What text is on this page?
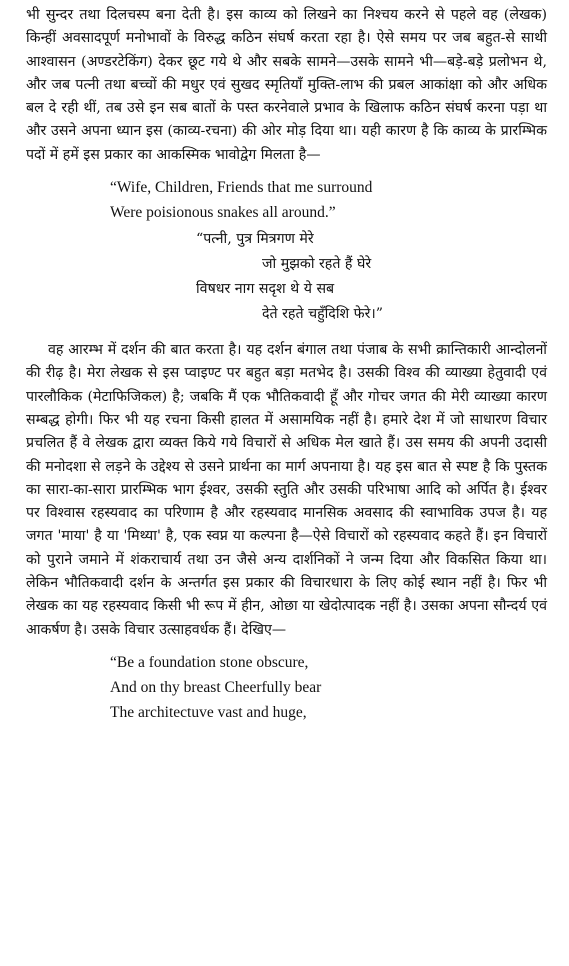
भी सुन्दर तथा दिलचस्प बना देती है। इस काव्य को लिखने का निश्चय करने से पहले वह (लेखक) किन्हीं अवसादपूर्ण मनोभावों के विरुद्ध कठिन संघर्ष करता रहा है। ऐसे समय पर जब बहुत-से साथी आश्वासन (अण्डरटेकिंग) देकर छूट गये थे और सबके सामने—उसके सामने भी—बड़े-बड़े प्रलोभन थे, और जब पत्नी तथा बच्चों की मधुर एवं सुखद स्मृतियाँ मुक्ति-लाभ की प्रबल आकांक्षा को और अधिक बल दे रही थीं, तब उसे इन सब बातों के पस्त करनेवाले प्रभाव के खिलाफ कठिन संघर्ष करना पड़ा था और उसने अपना ध्यान इस (काव्य-रचना) की ओर मोड़ दिया था। यही कारण है कि काव्य के प्रारम्भिक पदों में हमें इस प्रकार का आकस्मिक भावोद्वेग मिलता है—

“Wife, Children, Friends that me surround
Were poisionous snakes all around.”
“पत्नी, पुत्र मित्रगण मेरे
जो मुझको रहते हैं घेरे
विषधर नाग सदृश थे ये सब
देते रहते चहुँदिशि फेरे।”

वह आरम्भ में दर्शन की बात करता है। यह दर्शन बंगाल तथा पंजाब के सभी क्रान्तिकारी आन्दोलनों की रीढ़ है। मेरा लेखक से इस प्वाइण्ट पर बहुत बड़ा मतभेद है। उसकी विश्व की व्याख्या हेतुवादी एवं पारलौकिक (मेटाफिजिकल) है; जबकि मैं एक भौतिकवादी हूँ और गोचर जगत की मेरी व्याख्या कारण सम्बद्ध होगी। फिर भी यह रचना किसी हालत में असामयिक नहीं है। हमारे देश में जो साधारण विचार प्रचलित हैं वे लेखक द्वारा व्यक्त किये गये विचारों से अधिक मेल खाते हैं। उस समय की अपनी उदासी की मनोदशा से लड़ने के उद्देश्य से उसने प्रार्थना का मार्ग अपनाया है। यह इस बात से स्पष्ट है कि पुस्तक का सारा-का-सारा प्रारम्भिक भाग ईश्वर, उसकी स्तुति और उसकी परिभाषा आदि को अर्पित है। ईश्वर पर विश्वास रहस्यवाद का परिणाम है और रहस्यवाद मानसिक अवसाद की स्वाभाविक उपज है। यह जगत 'माया' है या 'मिथ्या' है, एक स्वप्न या कल्पना है—ऐसे विचारों को रहस्यवाद कहते हैं। इन विचारों को पुराने जमाने में शंकराचार्य तथा उन जैसे अन्य दार्शनिकों ने जन्म दिया और विकसित किया था। लेकिन भौतिकवादी दर्शन के अन्तर्गत इस प्रकार की विचारधारा के लिए कोई स्थान नहीं है। फिर भी लेखक का यह रहस्यवाद किसी भी रूप में हीन, ओछा या खेदोत्पादक नहीं है। उसका अपना सौन्दर्य एवं आकर्षण है। उसके विचार उत्साहवर्धक हैं। देखिए—

“Be a foundation stone obscure,
And on thy breast Cheerfully bear
The architectuve vast and huge,
